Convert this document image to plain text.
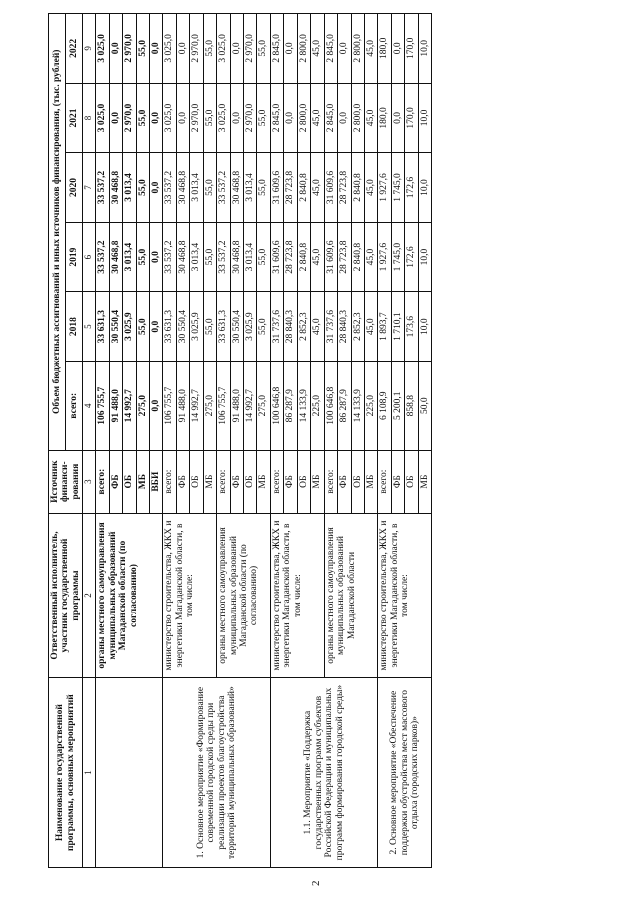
2
Наименование государственной программы, основных мероприятий	Ответственный исполнитель, участник государственной программы	Источник финанси-рования	Объем бюджетных ассигнований и иных источников финансирования, (тыс. рублей)					
			всего:	2018	2019	2020	2021	2022
1	2	3	4	5	6	7	8	9
	органы местного самоуправления муниципальных образований Магаданской области (по согласованию)	всего:	106 755,7	33 631,3	33 537,2	33 537,2	3 025,0	3 025,0
		ФБ	91 488,0	30 550,4	30 468,8	30 468,8	0,0	0,0
		ОБ	14 992,7	3 025,9	3 013,4	3 013,4	2 970,0	2 970,0
		МБ	275,0	55,0	55,0	55,0	55,0	55,0
		ВБИ	0,0	0,0	0,0	0,0	0,0	0,0
1. Основное мероприятие «Формирование современной городской среды при реализации проектов благоустройства территорий муниципальных образований»	министерство строительства, ЖКХ и энергетики Магаданской области, в том числе:	всего:	106 755,7	33 631,3	33 537,2	33 537,2	3 025,0	3 025,0
		ФБ	91 488,0	30 550,4	30 468,8	30 468,8	0,0	0,0
		ОБ	14 992,7	3 025,9	3 013,4	3 013,4	2 970,0	2 970,0
		МБ	275,0	55,0	55,0	55,0	55,0	55,0
	органы местного самоуправления муниципальных образований Магаданской области (по согласованию)	всего:	106 755,7	33 631,3	33 537,2	33 537,2	3 025,0	3 025,0
		ФБ	91 488,0	30 550,4	30 468,8	30 468,8	0,0	0,0
		ОБ	14 992,7	3 025,9	3 013,4	3 013,4	2 970,0	2 970,0
		МБ	275,0	55,0	55,0	55,0	55,0	55,0
1.1. Мероприятие «Поддержка государственных программ субъектов Российской Федерации и муниципальных программ формирования городской среды»	министерство строительства, ЖКХ и энергетики Магаданской области, в том числе:	всего:	100 646,8	31 737,6	31 609,6	31 609,6	2 845,0	2 845,0
		ФБ	86 287,9	28 840,3	28 723,8	28 723,8	0,0	0,0
		ОБ	14 133,9	2 852,3	2 840,8	2 840,8	2 800,0	2 800,0
		МБ	225,0	45,0	45,0	45,0	45,0	45,0
	органы местного самоуправления муниципальных образований Магаданской области	всего:	100 646,8	31 737,6	31 609,6	31 609,6	2 845,0	2 845,0
		ФБ	86 287,9	28 840,3	28 723,8	28 723,8	0,0	0,0
		ОБ	14 133,9	2 852,3	2 840,8	2 840,8	2 800,0	2 800,0
		МБ	225,0	45,0	45,0	45,0	45,0	45,0
2. Основное мероприятие «Обеспечение поддержки обустройства мест массового отдыха (городских парков)»	министерство строительства, ЖКХ и энергетики Магаданской области, в том числе:	всего:	6 108,9	1 893,7	1 927,6	1 927,6	180,0	180,0
		ФБ	5 200,1	1 710,1	1 745,0	1 745,0	0,0	0,0
		ОБ	858,8	173,6	172,6	172,6	170,0	170,0
		МБ	50,0	10,0	10,0	10,0	10,0	10,0
